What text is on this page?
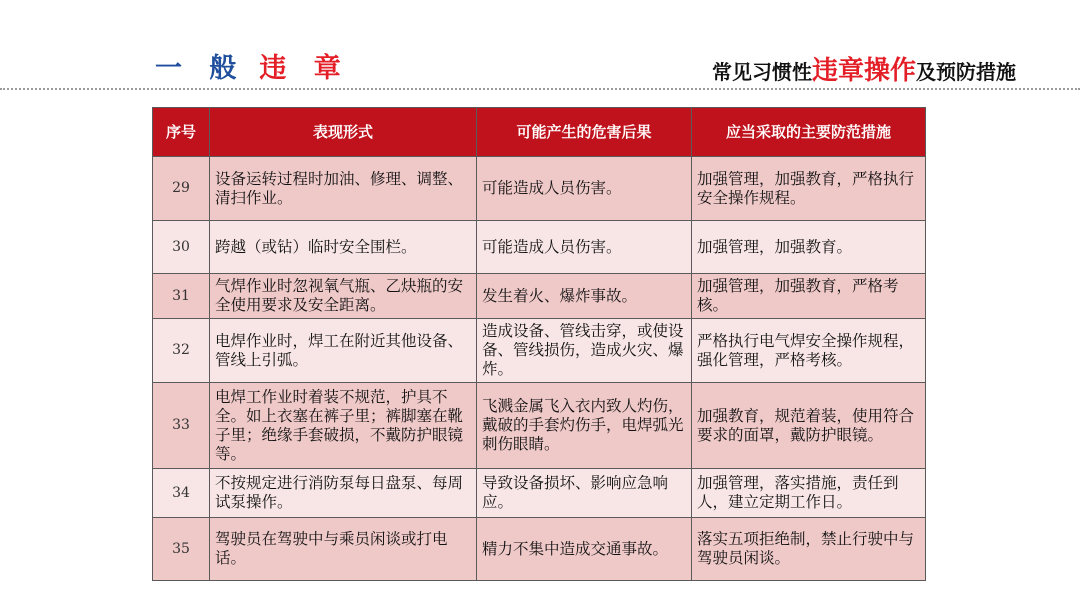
一 般 违 章	常见习惯性违章操作及预防措施
序号	表现形式	可能产生的危害后果	应当采取的主要防范措施
29	设备运转过程时加油、修理、调整、清扫作业。	可能造成人员伤害。	加强管理，加强教育，严格执行安全操作规程。
30	跨越（或钻）临时安全围栏。	可能造成人员伤害。	加强管理，加强教育。
31	气焊作业时忽视氧气瓶、乙炔瓶的安全使用要求及安全距离。	发生着火、爆炸事故。	加强管理，加强教育，严格考核。
32	电焊作业时，焊工在附近其他设备、管线上引弧。	造成设备、管线击穿，或使设备、管线损伤，造成火灾、爆炸。	严格执行电气焊安全操作规程，强化管理，严格考核。
33	电焊工作业时着装不规范，护具不全。如上衣塞在裤子里；裤脚塞在靴子里；绝缘手套破损，不戴防护眼镜等。	飞溅金属飞入衣内致人灼伤，戴破的手套灼伤手，电焊弧光刺伤眼睛。	加强教育，规范着装，使用符合要求的面罩，戴防护眼镜。
34	不按规定进行消防泵每日盘泵、每周试泵操作。	导致设备损坏、影响应急响应。	加强管理，落实措施，责任到人，建立定期工作日。
35	驾驶员在驾驶中与乘员闲谈或打电话。	精力不集中造成交通事故。	落实五项拒绝制，禁止行驶中与驾驶员闲谈。
